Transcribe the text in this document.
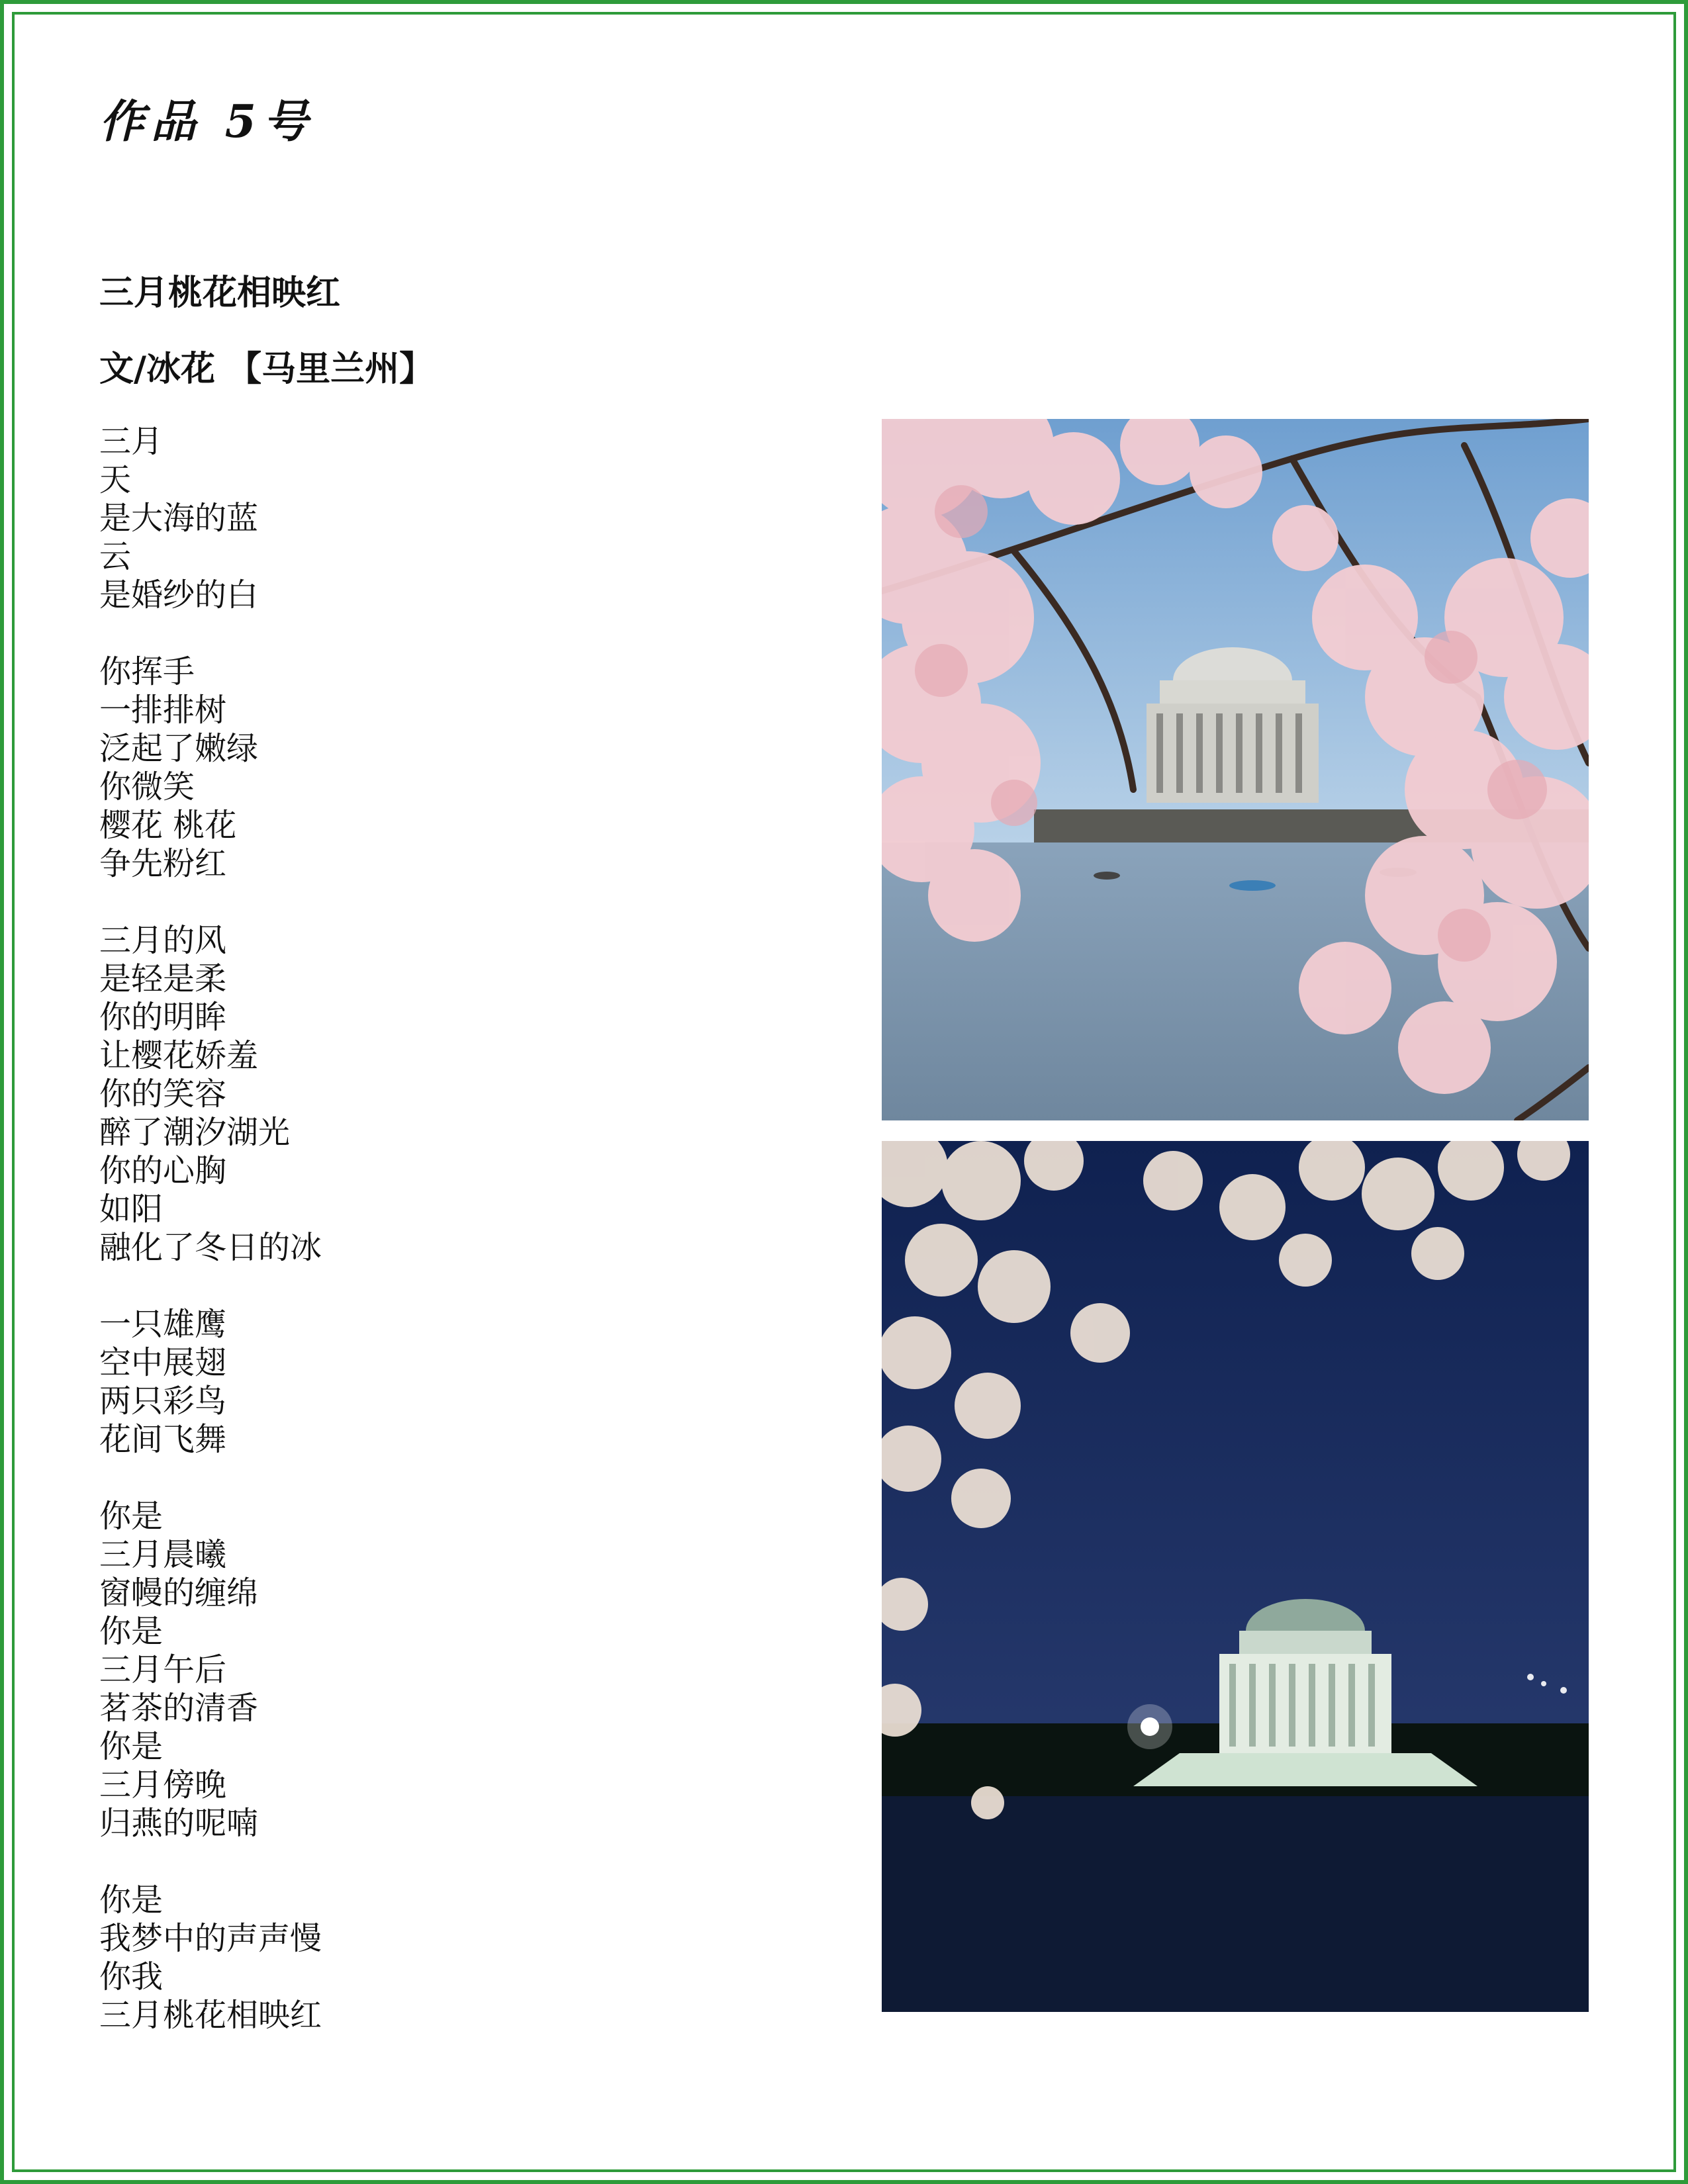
作品 5号
三月桃花相映红
文/冰花 【马里兰州】
三月
天
是大海的蓝
云
是婚纱的白
你挥手
一排排树
泛起了嫩绿
你微笑
樱花 桃花
争先粉红
三月的风
是轻是柔
你的明眸
让樱花娇羞
你的笑容
醉了潮汐湖光
你的心胸
如阳
融化了冬日的冰
一只雄鹰
空中展翅
两只彩鸟
花间飞舞
你是
三月晨曦
窗幔的缠绵
你是
三月午后
茗茶的清香
你是
三月傍晚
归燕的呢喃
你是
我梦中的声声慢
你我
三月桃花相映红
